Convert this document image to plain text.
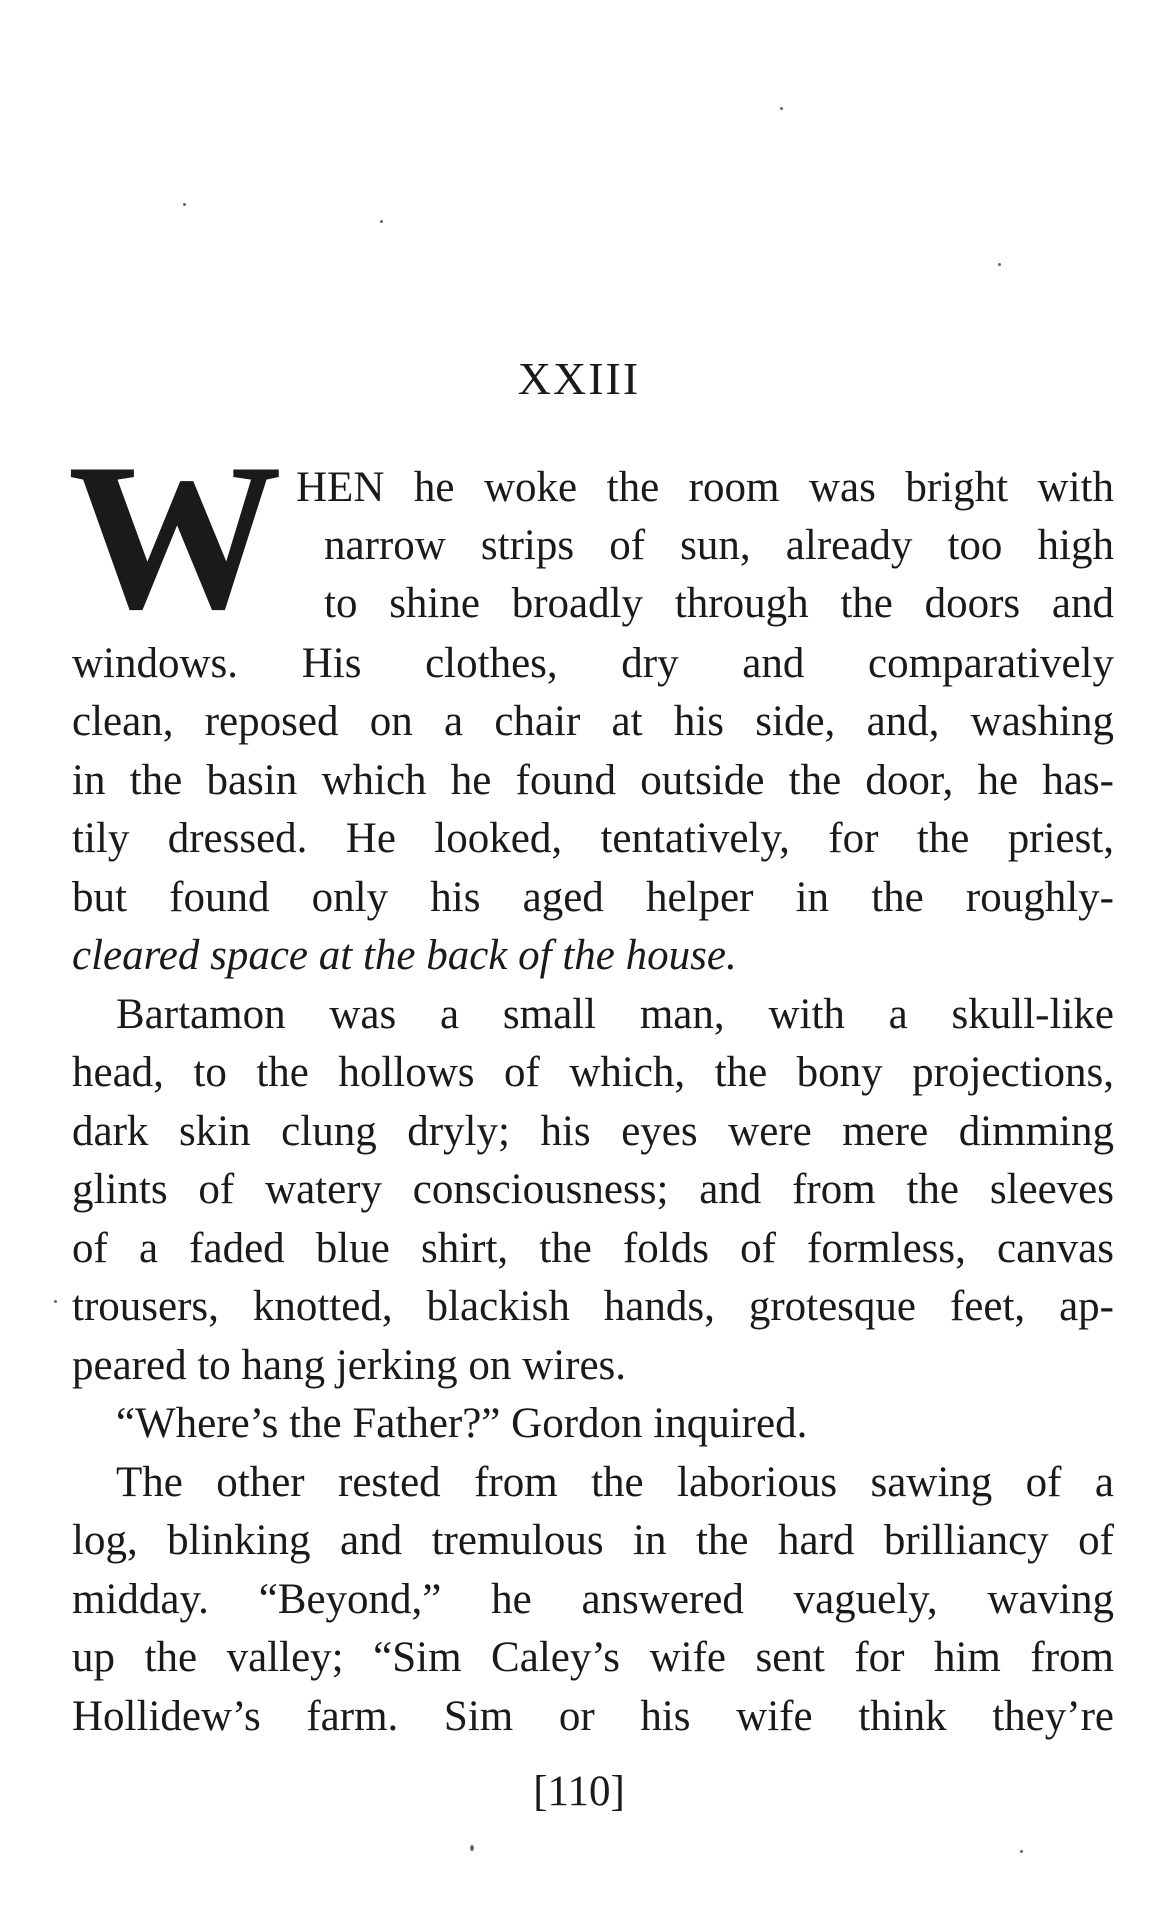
XXIII
W HEN he woke the room was bright with
narrow strips of sun, already too high
to shine broadly through the doors and
windows. His clothes, dry and comparatively
clean, reposed on a chair at his side, and, washing
in the basin which he found outside the door, he has-
tily dressed. He looked, tentatively, for the priest,
but found only his aged helper in the roughly-
cleared space at the back of the house.
Bartamon was a small man, with a skull-like
head, to the hollows of which, the bony projections,
dark skin clung dryly; his eyes were mere dimming
glints of watery consciousness; and from the sleeves
of a faded blue shirt, the folds of formless, canvas
trousers, knotted, blackish hands, grotesque feet, ap-
peared to hang jerking on wires.
“Where’s the Father?” Gordon inquired.
The other rested from the laborious sawing of a
log, blinking and tremulous in the hard brilliancy of
midday. “Beyond,” he answered vaguely, waving
up the valley; “Sim Caley’s wife sent for him from
Hollidew’s farm. Sim or his wife think they’re
[110]
